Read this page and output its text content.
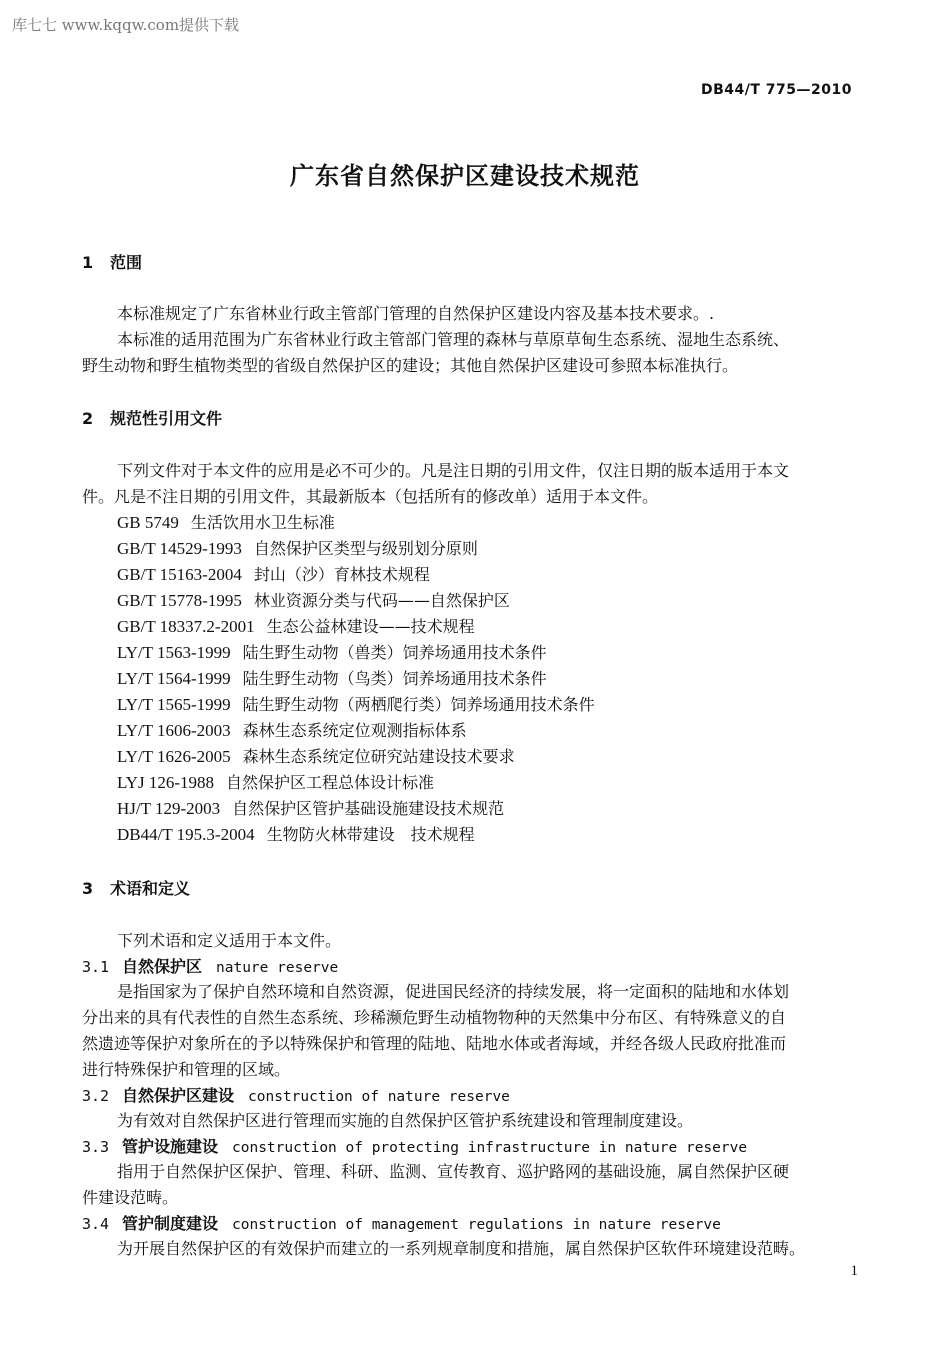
库七七 www.kqqw.com提供下载
DB44/T 775—2010
广东省自然保护区建设技术规范
1 范围
本标准规定了广东省林业行政主管部门管理的自然保护区建设内容及基本技术要求。.
本标准的适用范围为广东省林业行政主管部门管理的森林与草原草甸生态系统、湿地生态系统、
野生动物和野生植物类型的省级自然保护区的建设；其他自然保护区建设可参照本标准执行。
2 规范性引用文件
下列文件对于本文件的应用是必不可少的。凡是注日期的引用文件，仅注日期的版本适用于本文
件。凡是不注日期的引用文件，其最新版本（包括所有的修改单）适用于本文件。
GB 5749 生活饮用水卫生标准
GB/T 14529-1993 自然保护区类型与级别划分原则
GB/T 15163-2004 封山（沙）育林技术规程
GB/T 15778-1995 林业资源分类与代码——自然保护区
GB/T 18337.2-2001 生态公益林建设——技术规程
LY/T 1563-1999 陆生野生动物（兽类）饲养场通用技术条件
LY/T 1564-1999 陆生野生动物（鸟类）饲养场通用技术条件
LY/T 1565-1999 陆生野生动物（两栖爬行类）饲养场通用技术条件
LY/T 1606-2003 森林生态系统定位观测指标体系
LY/T 1626-2005 森林生态系统定位研究站建设技术要求
LYJ 126-1988 自然保护区工程总体设计标准
HJ/T 129-2003 自然保护区管护基础设施建设技术规范
DB44/T 195.3-2004 生物防火林带建设　技术规程
3 术语和定义
下列术语和定义适用于本文件。
3.1 自然保护区 nature reserve
是指国家为了保护自然环境和自然资源，促进国民经济的持续发展，将一定面积的陆地和水体划
分出来的具有代表性的自然生态系统、珍稀濒危野生动植物物种的天然集中分布区、有特殊意义的自
然遗迹等保护对象所在的予以特殊保护和管理的陆地、陆地水体或者海域，并经各级人民政府批准而
进行特殊保护和管理的区域。
3.2 自然保护区建设 construction of nature reserve
为有效对自然保护区进行管理而实施的自然保护区管护系统建设和管理制度建设。
3.3 管护设施建设 construction of protecting infrastructure in nature reserve
指用于自然保护区保护、管理、科研、监测、宣传教育、巡护路网的基础设施，属自然保护区硬
件建设范畴。
3.4 管护制度建设 construction of management regulations in nature reserve
为开展自然保护区的有效保护而建立的一系列规章制度和措施，属自然保护区软件环境建设范畴。
1
